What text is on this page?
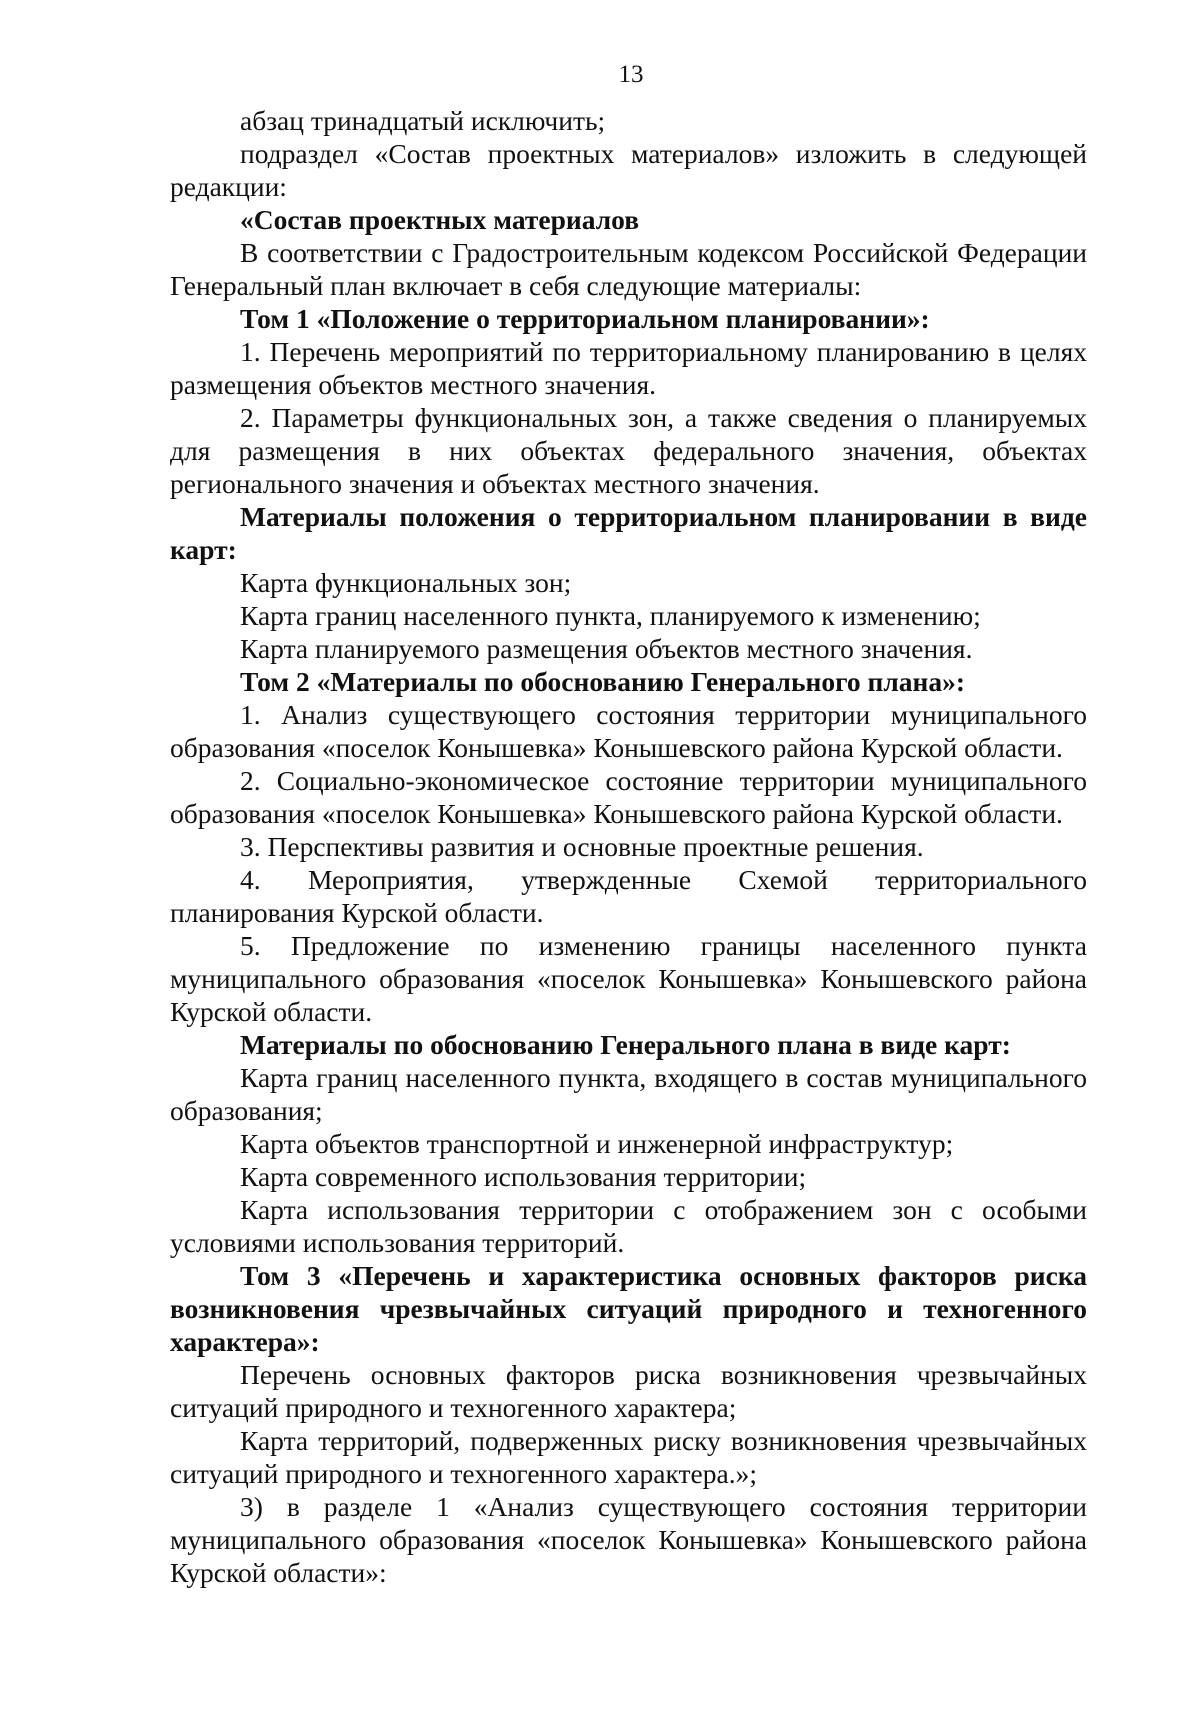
13

абзац тринадцатый исключить;

подраздел «Состав проектных материалов» изложить в следующей редакции:

«Состав проектных материалов

В соответствии с Градостроительным кодексом Российской Федерации Генеральный план включает в себя следующие материалы:

Том 1 «Положение о территориальном планировании»:

1. Перечень мероприятий по территориальному планированию в целях размещения объектов местного значения.

2. Параметры функциональных зон, а также сведения о планируемых для размещения в них объектах федерального значения, объектах регионального значения и объектах местного значения.

Материалы положения о территориальном планировании в виде карт:

Карта функциональных зон;

Карта границ населенного пункта, планируемого к изменению;

Карта планируемого размещения объектов местного значения.

Том 2 «Материалы по обоснованию Генерального плана»:

1. Анализ существующего состояния территории муниципального образования «поселок Конышевка» Конышевского района Курской области.

2. Социально-экономическое состояние территории муниципального образования «поселок Конышевка» Конышевского района Курской области.

3. Перспективы развития и основные проектные решения.

4. Мероприятия, утвержденные Схемой территориального планирования Курской области.

5. Предложение по изменению границы населенного пункта муниципального образования «поселок Конышевка» Конышевского района Курской области.

Материалы по обоснованию Генерального плана в виде карт:

Карта границ населенного пункта, входящего в состав муниципального образования;

Карта объектов транспортной и инженерной инфраструктур;

Карта современного использования территории;

Карта использования территории с отображением зон с особыми условиями использования территорий.

Том 3 «Перечень и характеристика основных факторов риска возникновения чрезвычайных ситуаций природного и техногенного характера»:

Перечень основных факторов риска возникновения чрезвычайных ситуаций природного и техногенного характера;

Карта территорий, подверженных риску возникновения чрезвычайных ситуаций природного и техногенного характера.»;

3) в разделе 1 «Анализ существующего состояния территории муниципального образования «поселок Конышевка» Конышевского района Курской области»:
